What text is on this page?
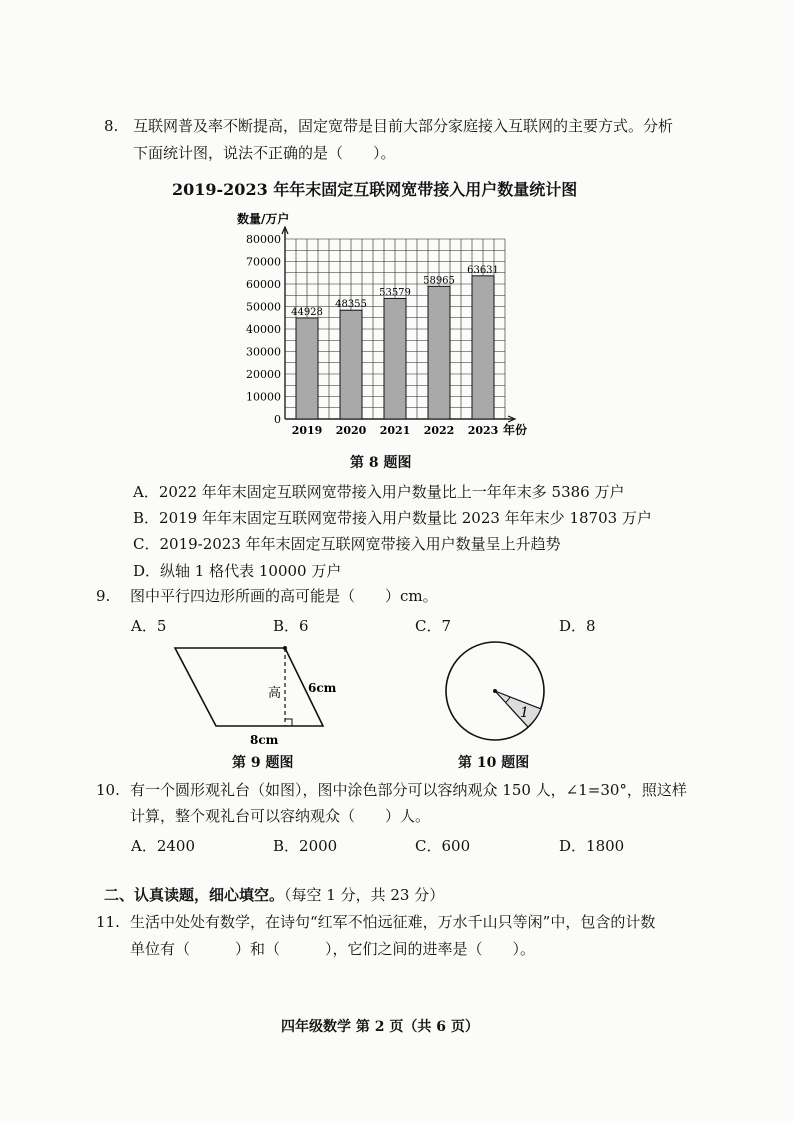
8. 互联网普及率不断提高，固定宽带是目前大部分家庭接入互联网的主要方式。分析
下面统计图，说法不正确的是（　　）。
2019-2023 年年末固定互联网宽带接入用户数量统计图
数量/万户
0
10000
20000
30000
40000
50000
60000
70000
80000
2019 2020 2021 2022 2023
44928
48355
53579
58965
63631
年份
第 8 题图
A．2022 年年末固定互联网宽带接入用户数量比上一年年末多 5386 万户
B．2019 年年末固定互联网宽带接入用户数量比 2023 年年末少 18703 万户
C．2019-2023 年年末固定互联网宽带接入用户数量呈上升趋势
D．纵轴 1 格代表 10000 万户
9. 图中平行四边形所画的高可能是（　　）cm。
A．5	B．6	C．7	D．8
高 6cm
8cm
第 9 题图
1
第 10 题图
10. 有一个圆形观礼台（如图），图中涂色部分可以容纳观众 150 人，∠1=30°，照这样
计算，整个观礼台可以容纳观众（　　）人。
A．2400	B．2000	C．600	D．1800
二、认真读题，细心填空。（每空 1 分，共 23 分）
11. 生活中处处有数学，在诗句“红军不怕远征难，万水千山只等闲”中，包含的计数
单位有（　　　）和（　　　），它们之间的进率是（　　）。
四年级数学 第 2 页（共 6 页）
